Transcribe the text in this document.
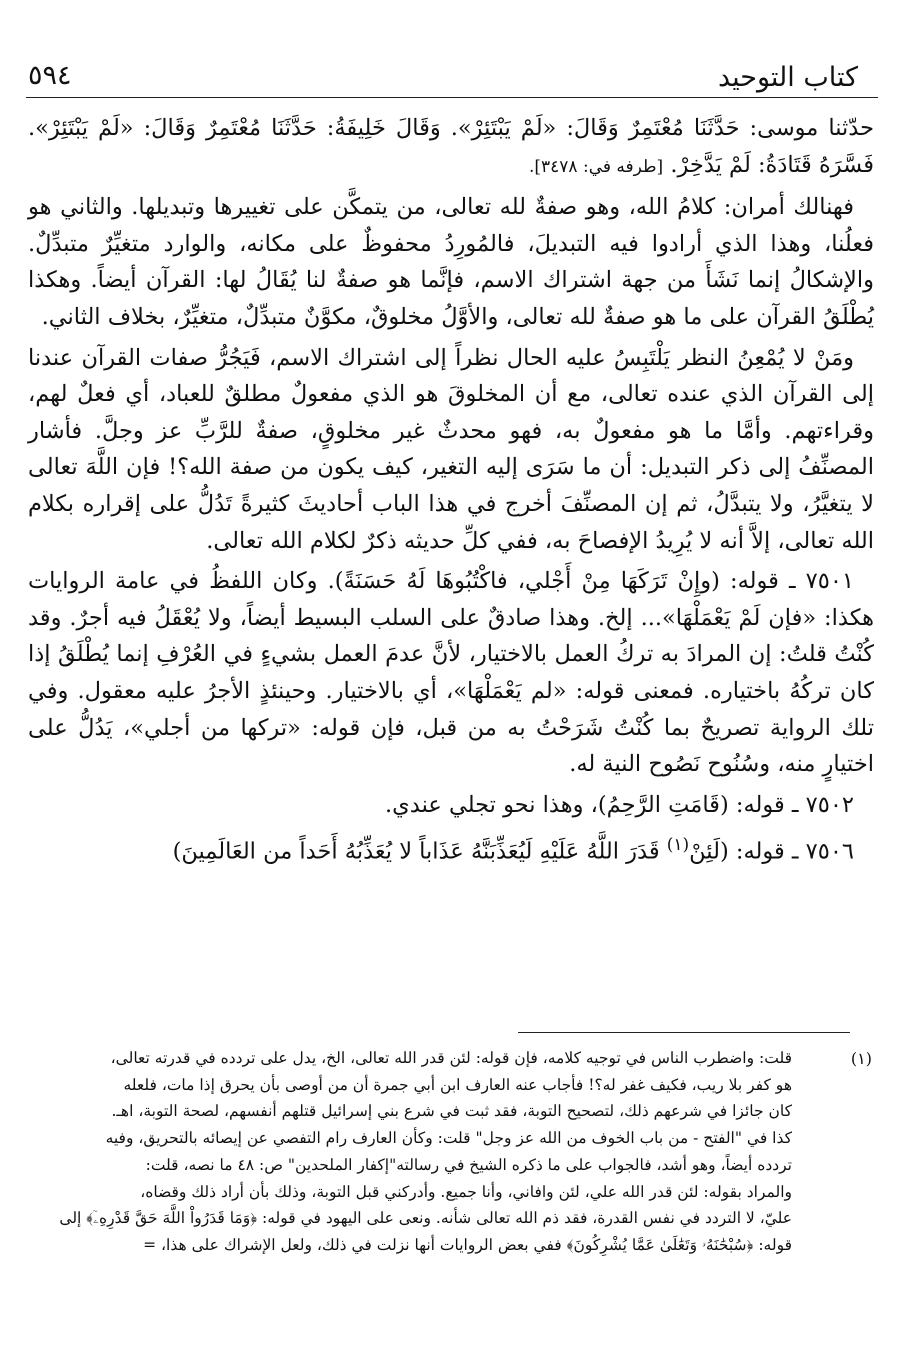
٥٩٤	كتاب التوحيد

حدّثنا موسى: حَدَّثَنَا مُعْتَمِرٌ وَقَالَ: «لَمْ يَبْتَئِرْ». وَقَالَ خَلِيفَةُ: حَدَّثَنَا مُعْتَمِرٌ وَقَالَ: «لَمْ يَبْتَئِرْ». فَسَّرَهُ قَتَادَةُ: لَمْ يَدَّخِرْ. [طرفه في: ٣٤٧٨].

فهنالك أمران: كلامُ الله، وهو صفةٌ لله تعالى، من يتمكَّن على تغييرها وتبديلها. والثاني هو فعلُنا، وهذا الذي أرادوا فيه التبديلَ، فالمُورِدُ محفوظٌ على مكانه، والوارد متغيِّرٌ متبدِّلٌ. والإشكالُ إنما نَشَأَ من جهة اشتراك الاسم، فإنَّما هو صفةٌ لنا يُقَالُ لها: القرآن أيضاً. وهكذا يُطْلَقُ القرآن على ما هو صفةٌ لله تعالى، والأوَّلُ مخلوقٌ، مكوَّنٌ متبدِّلٌ، متغيِّرٌ، بخلاف الثاني.

ومَنْ لا يُمْعِنُ النظر يَلْتَبِسُ عليه الحال نظراً إلى اشتراك الاسم، فَيَجُرُّ صفات القرآن عندنا إلى القرآن الذي عنده تعالى، مع أن المخلوقَ هو الذي مفعولٌ مطلقٌ للعباد، أي فعلٌ لهم، وقراءتهم. وأمَّا ما هو مفعولٌ به، فهو محدثٌ غير مخلوقٍ، صفةٌ للرَّبِّ عز وجلَّ. فأشار المصنِّفُ إلى ذكر التبديل: أن ما سَرَى إليه التغير، كيف يكون من صفة الله؟! فإن اللَّهَ تعالى لا يتغيَّرُ، ولا يتبدَّلُ، ثم إن المصنِّفَ أخرج في هذا الباب أحاديثَ كثيرةً تَدُلُّ على إقراره بكلام الله تعالى، إلاَّ أنه لا يُرِيدُ الإفصاحَ به، ففي كلِّ حديثه ذكرٌ لكلام الله تعالى.

٧٥٠١ ـ قوله: (وإِنْ تَرَكَهَا مِنْ أَجْلي، فاكْتُبُوهَا لَهُ حَسَنَةً). وكان اللفظُ في عامة الروايات هكذا: «فإن لَمْ يَعْمَلْهَا»... إلخ. وهذا صادقٌ على السلب البسيط أيضاً، ولا يُعْقَلُ فيه أجرٌ. وقد كُنْتُ قلتُ: إن المرادَ به تركُ العمل بالاختيار، لأنَّ عدمَ العمل بشيءٍ في العُرْفِ إنما يُطْلَقُ إذا كان تركُهُ باختياره. فمعنى قوله: «لم يَعْمَلْهَا»، أي بالاختيار. وحينئذٍ الأجرُ عليه معقول. وفي تلك الرواية تصريحٌ بما كُنْتُ شَرَحْتُ به من قبل، فإن قوله: «تركها من أجلي»، يَدُلُّ على اختيارٍ منه، وسُنُوح نَصُوح النية له.

٧٥٠٢ ـ قوله: (قَامَتِ الرَّحِمُ)، وهذا نحو تجلي عندي.

٧٥٠٦ ـ قوله: (لَئِنْ$^{(١)}$ قَدَرَ اللَّهُ عَلَيْهِ لَيُعَذِّبَنَّهُ عَذَاباً لا يُعَذِّبُهُ أَحَداً من العَالَمِينَ)

(١)

قلت: واضطرب الناس في توجيه كلامه، فإن قوله: لئن قدر الله تعالى، الخ، يدل على تردده في قدرته تعالى،

هو كفر بلا ريب، فكيف غفر له؟! فأجاب عنه العارف ابن أبي جمرة أن من أوصى بأن يحرق إذا مات، فلعله

كان جائزا في شرعهم ذلك، لتصحيح التوبة، فقد ثبت في شرع بني إسرائيل قتلهم أنفسهم، لصحة التوبة، اهـ.

كذا في "الفتح - من باب الخوف من الله عز وجل" قلت: وكأن العارف رام التفصي عن إيصائه بالتحريق، وفيه

تردده أيضاً، وهو أشد، فالجواب على ما ذكره الشيخ في رسالته"إكفار الملحدين" ص: ٤٨ ما نصه، قلت:

والمراد بقوله: لئن قدر الله علي، لئن وافاني، وأنا جميع. وأدركني قبل التوبة، وذلك بأن أراد ذلك وقضاه،

عليّ، لا التردد في نفس القدرة، فقد ذم الله تعالى شأنه. ونعى على اليهود في قوله: ﴿وَمَا قَدَرُواْ اللَّهَ حَقَّ قَدْرِهِۦٓ﴾ إلى

قوله: ﴿سُبْحَٰنَهُۥ وَتَعَٰلَىٰ عَمَّا يُشْرِكُونَ﴾ ففي بعض الروايات أنها نزلت في ذلك، ولعل الإشراك على هذا، =
